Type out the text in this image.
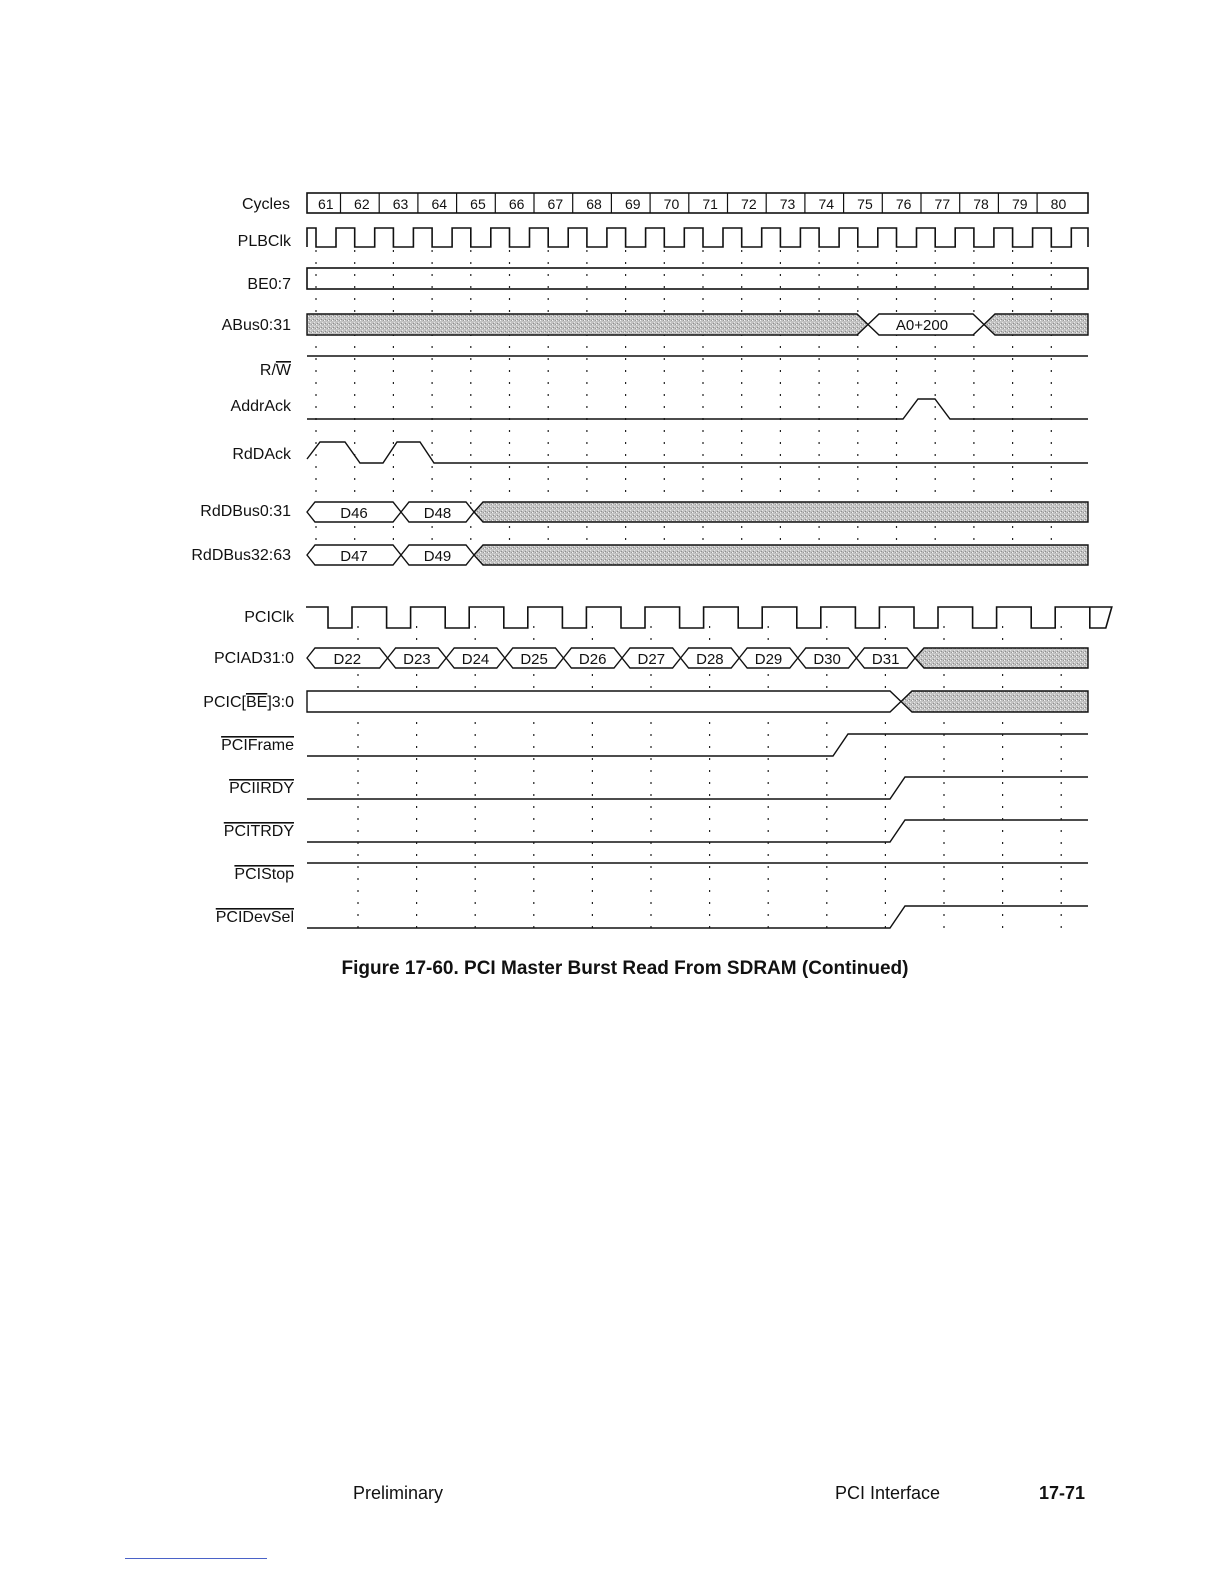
Cycles
PLBClk
BE0:7
ABus0:31
R/W
AddrAck
RdDAck
RdDBus0:31
RdDBus32:63
PCIClk
PCIAD31:0
PCIC[BE]3:0
PCIFrame
PCIIRDY
PCITRDY
PCIStop
PCIDevSel
61 62 63 64 65 66 67 68 69 70 71 72 73 74 75 76 77 78 79 80
A0+200
D46	D48
D47	D49
D22	D23 D24 D25 D26 D27 D28 D29 D30 D31
Figure 17-60. PCI Master Burst Read From SDRAM (Continued)
Preliminary	PCI Interface	17-71
